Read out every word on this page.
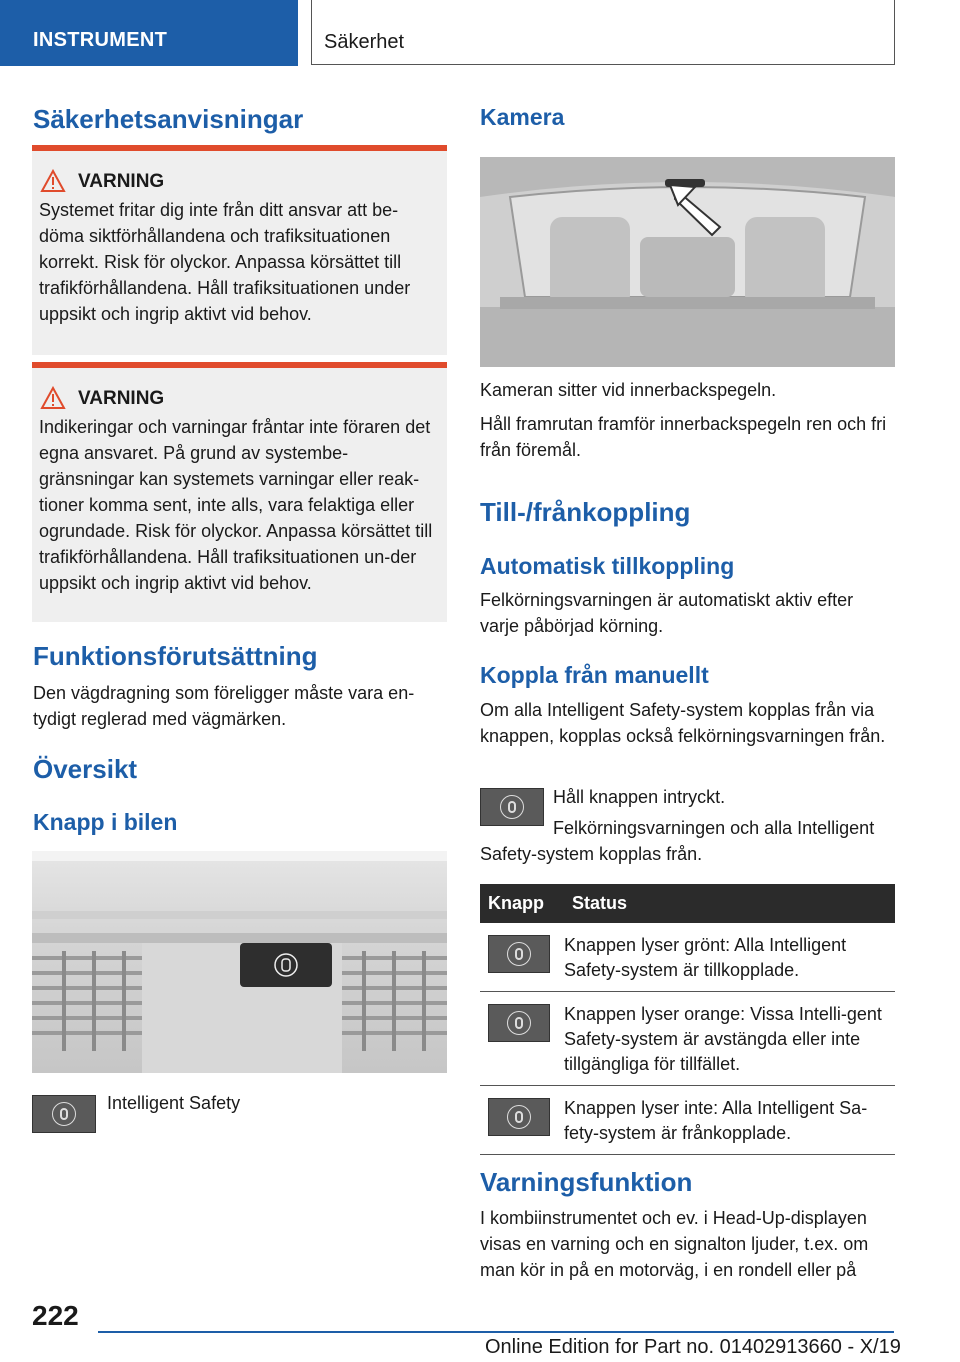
INSTRUMENT	Säkerhet
Säkerhetsanvisningar
VARNING
Systemet fritar dig inte från ditt ansvar att be-döma siktförhållandena och trafiksituationen korrekt. Risk för olyckor. Anpassa körsättet till trafikförhållandena. Håll trafiksituationen under uppsikt och ingrip aktivt vid behov.
VARNING
Indikeringar och varningar fråntar inte föraren det egna ansvaret. På grund av systembe-gränsningar kan systemets varningar eller reak-tioner komma sent, inte alls, vara felaktiga eller ogrundade. Risk för olyckor. Anpassa körsättet till trafikförhållandena. Håll trafiksituationen un-der uppsikt och ingrip aktivt vid behov.
Funktionsförutsättning

Den vägdragning som föreligger måste vara en-tydigt reglerad med vägmärken.

Översikt
Knapp i bilen

Intelligent Safety

Kamera

Kameran sitter vid innerbackspegeln.

Håll framrutan framför innerbackspegeln ren och fri från föremål.

Till-/frånkoppling
Automatisk tillkoppling

Felkörningsvarningen är automatiskt aktiv efter varje påbörjad körning.

Koppla från manuellt

Om alla Intelligent Safety-system kopplas från via knappen, kopplas också felkörningsvarningen från.

Håll knappen intryckt.

Felkörningsvarningen och alla Intelligent Safety-system kopplas från.

Knapp	Status

	Knappen lyser grönt: Alla Intelligent Safety-system är tillkopplade.

	Knappen lyser orange: Vissa Intelli-gent Safety-system är avstängda eller inte tillgängliga för tillfället.

	Knappen lyser inte: Alla Intelligent Sa-fety-system är frånkopplade.
Varningsfunktion

I kombiinstrumentet och ev. i Head-Up-displayen visas en varning och en signalton ljuder, t.ex. om man kör in på en motorväg, i en rondell eller på

222
Online Edition for Part no. 01402913660 - X/19
